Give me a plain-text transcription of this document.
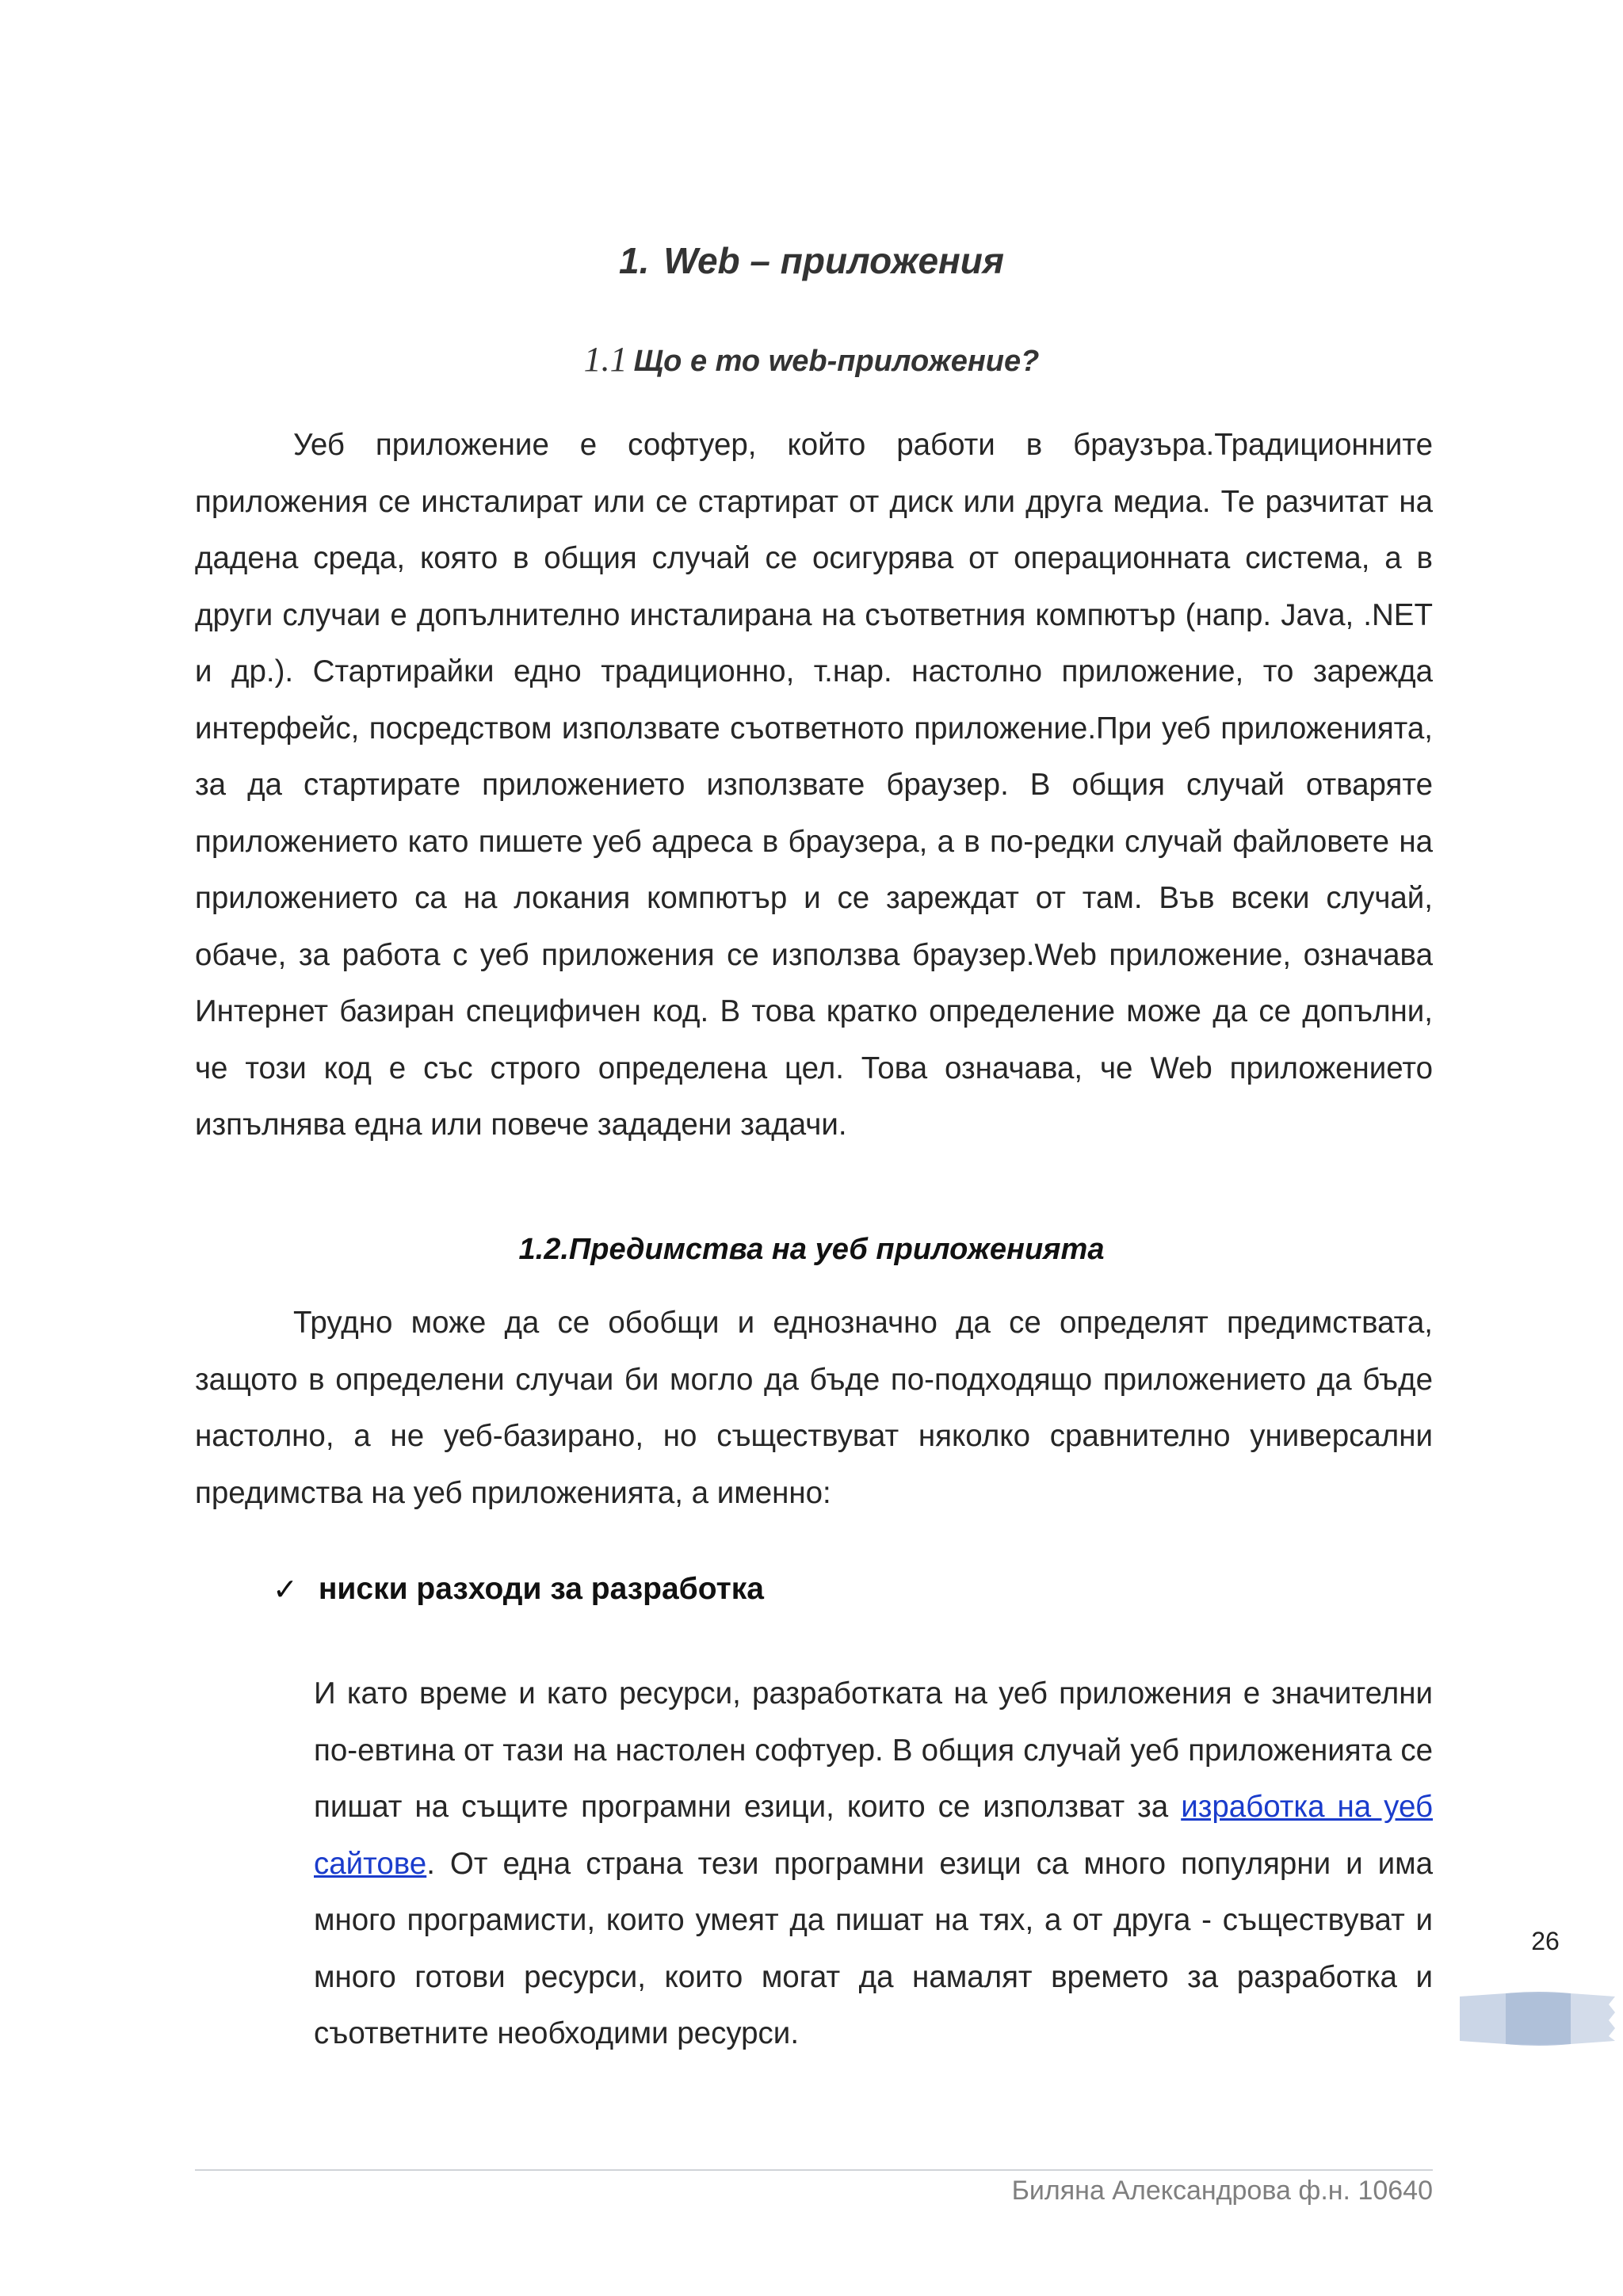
1. Web – приложения
1.1 Що е то web-приложение?

Уеб приложение е софтуер, който работи в браузъра.Традиционните приложения се инсталират или се стартират от диск или друга медиа. Те разчитат на дадена среда, която в общия случай се осигурява от операционната система, а в други случаи е допълнително инсталирана на съответния компютър (напр. Java, .NET и др.). Стартирайки едно традиционно, т.нар. настолно приложение, то зарежда интерфейс, посредством използвате съответното приложение.При уеб приложенията, за да стартирате приложението използвате браузер. В общия случай отваряте приложението като пишете уеб адреса в браузера, а в по-редки случай файловете на приложението са на локания компютър и се зареждат от там. Във всеки случай, обаче, за работа с уеб приложения се използва браузер.Web приложение, означава Интернет базиран специфичен код. В това кратко определение може да се допълни, че този код е със строго определена цел. Това означава, че Web приложението изпълнява една или повече зададени задачи.

1.2.Предимства на уеб приложенията

Трудно може да се обобщи и еднозначно да се определят предимствата, защото в определени случаи би могло да бъде по-подходящо приложението да бъде настолно, а не уеб-базирано, но съществуват няколко сравнително универсални предимства на уеб приложенията, а именно:

✓ ниски разходи за разработка

И като време и като ресурси, разработката на уеб приложения е значителни по-евтина от тази на настолен софтуер. В общия случай уеб приложенията се пишат на същите програмни езици, които се използват за изработка на уеб сайтове. От една страна тези програмни езици са много популярни и има много програмисти, които умеят да пишат на тях, а от друга - съществуват и много готови ресурси, които могат да намалят времето за разработка и съответните необходими ресурси.

26
Биляна Александрова ф.н. 10640
